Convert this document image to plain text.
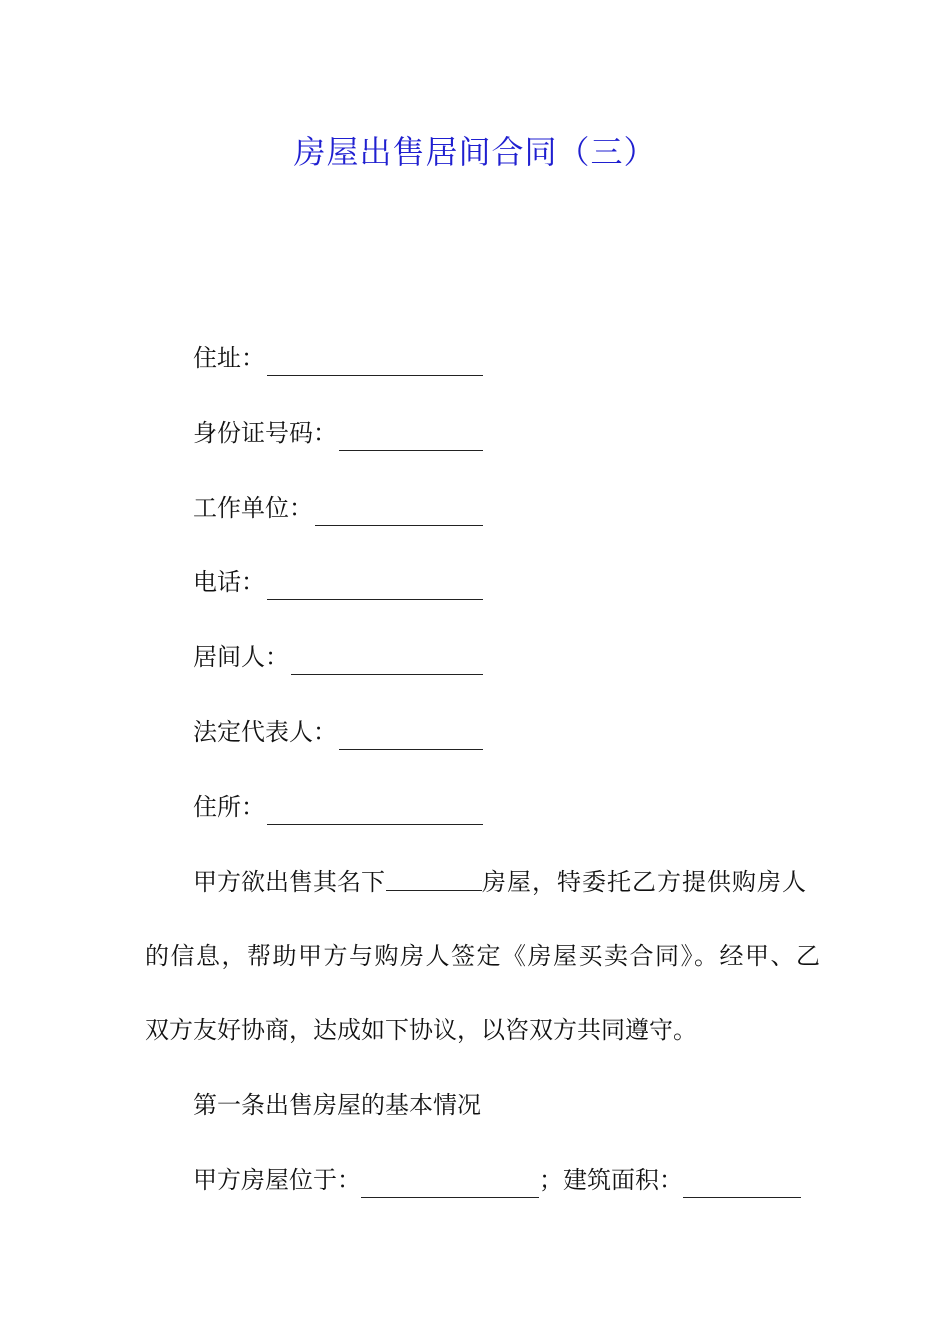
房屋出售居间合同（三）
住址：
身份证号码：
工作单位：
电话：
居间人：
法定代表人：
住所：
甲方欲出售其名下	房屋，特委托乙方提供购房人
的信息，帮助甲方与购房人签定《房屋买卖合同》。经甲、乙
双方友好协商，达成如下协议，以咨双方共同遵守。
第一条出售房屋的基本情况
甲方房屋位于：	；建筑面积：
